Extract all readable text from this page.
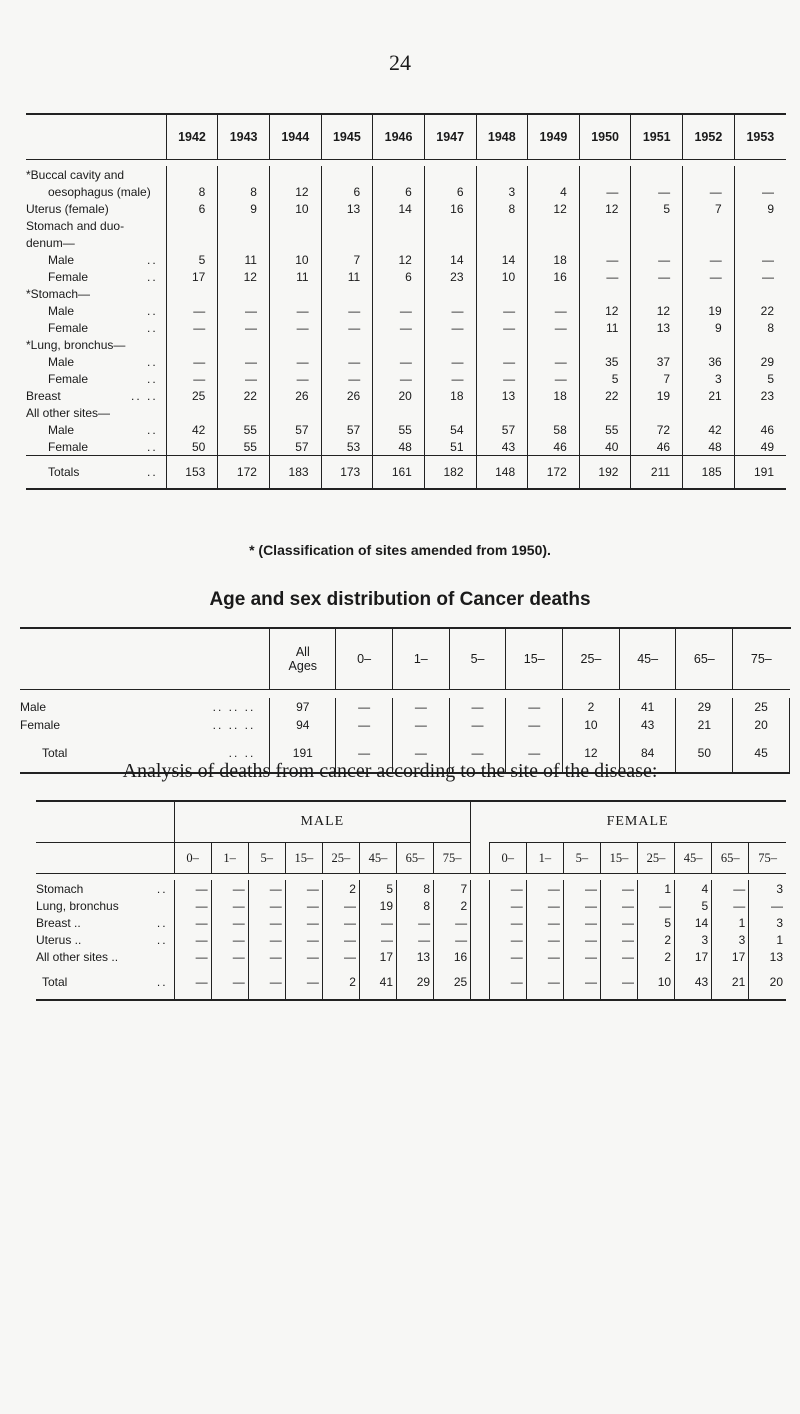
24
	1942	1943	1944	1945	1946	1947	1948	1949	1950	1951	1952	1953

*Buccal cavity and												
oesophagus (male)	8	8	12	6	6	6	3	4	—	—	—	—
Uterus (female)	6	9	10	13	14	16	8	12	12	5	7	9
Stomach and duo-												
denum—												
Male ..	5	11	10	7	12	14	14	18	—	—	—	—
Female ..	17	12	11	11	6	23	10	16	—	—	—	—
*Stomach—												
Male ..	—	—	—	—	—	—	—	—	12	12	19	22
Female ..	—	—	—	—	—	—	—	—	11	13	9	8
*Lung, bronchus—												
Male ..	—	—	—	—	—	—	—	—	35	37	36	29
Female ..	—	—	—	—	—	—	—	—	5	7	3	5
Breast .. ..	25	22	26	26	20	18	13	18	22	19	21	23
All other sites—												
Male ..	42	55	57	57	55	54	57	58	55	72	42	46
Female ..	50	55	57	53	48	51	43	46	40	46	48	49
Totals ..	153	172	183	173	161	182	148	172	192	211	185	191
* (Classification of sites amended from 1950).
Age and sex distribution of Cancer deaths
	All
Ages	0–	1–	5–	15–	25–	45–	65–	75–	

Male .. .. ..	97	—	—	—	—	2	41	29	25	
Female .. .. ..	94	—	—	—	—	10	43	21	20	
Total .. ..	191	—	—	—	—	12	84	50	45	
Analysis of deaths from cancer according to the site of the disease:—
	MALE									FEMALE							
	0–	1–	5–	15–	25–	45–	65–	75–		0–	1–	5–	15–	25–	45–	65–	75–

Stomach ..	—	—	—	—	2	5	8	7		—	—	—	—	1	4	—	3
Lung, bronchus	—	—	—	—	—	19	8	2		—	—	—	—	—	5	—	—
Breast .. ..	—	—	—	—	—	—	—	—		—	—	—	—	5	14	1	3
Uterus .. ..	—	—	—	—	—	—	—	—		—	—	—	—	2	3	3	1
All other sites ..	—	—	—	—	—	17	13	16		—	—	—	—	2	17	17	13
Total ..	—	—	—	—	2	41	29	25		—	—	—	—	10	43	21	20
